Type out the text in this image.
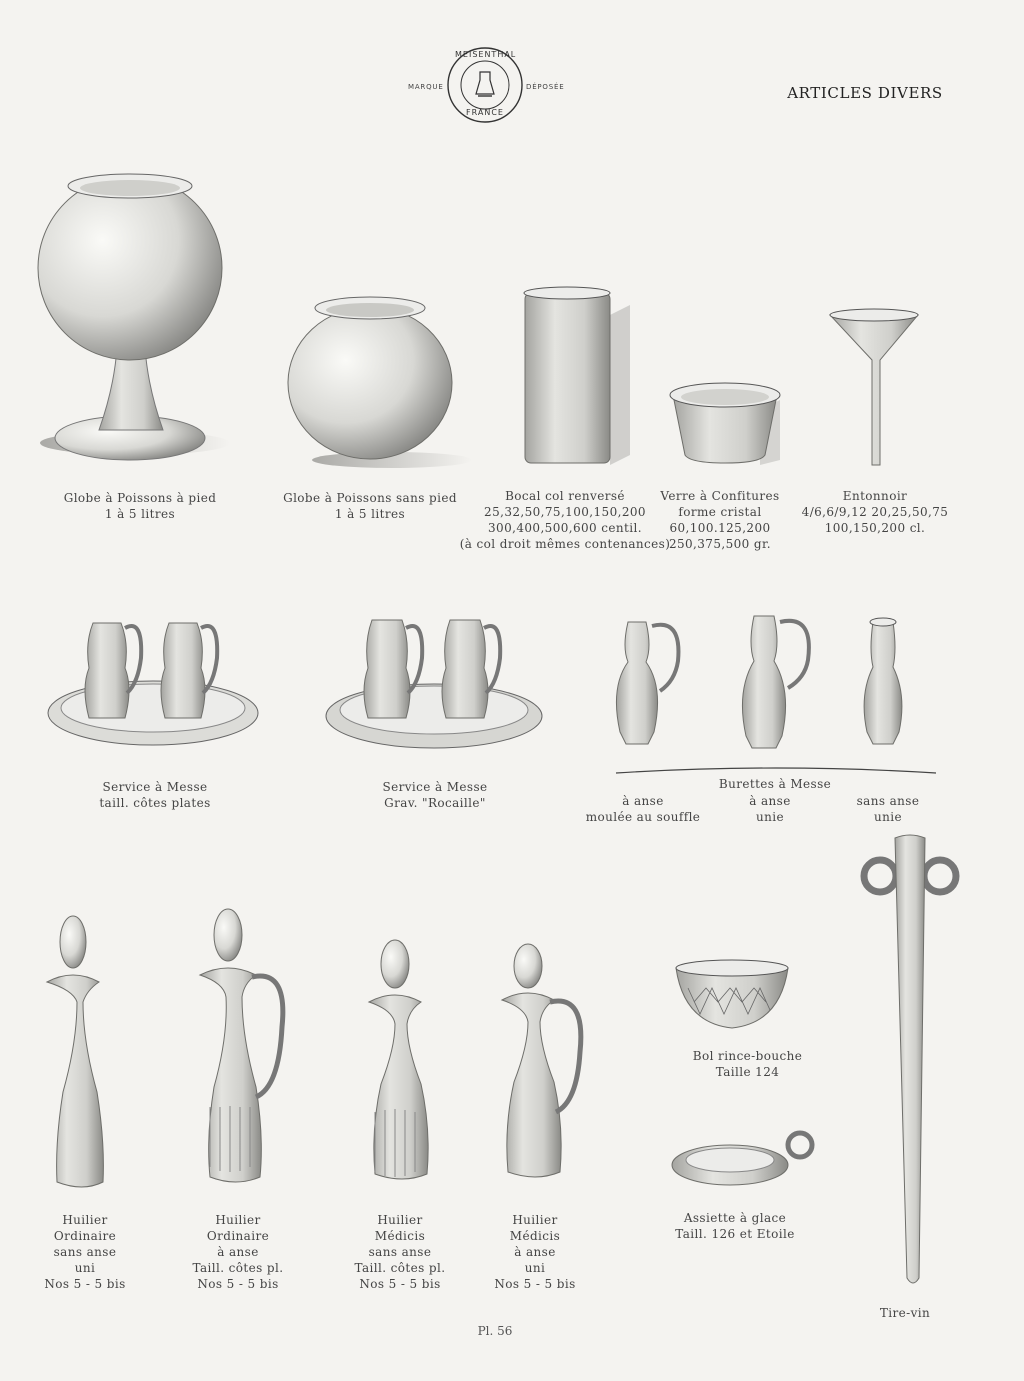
MEISENTHAL
FRANCE
MARQUE	DÉPOSÉE	ARTICLES DIVERS
Globe à Poissons à pied
1 à 5 litres
Globe à Poissons sans pied
1 à 5 litres
Bocal col renversé
25,32,50,75,100,150,200
300,400,500,600 centil.
(à col droit mêmes contenances)
Verre à Confitures
forme cristal
60,100.125,200
250,375,500 gr.
Entonnoir
4/6,6/9,12 20,25,50,75
100,150,200 cl.
Service à Messe
taill. côtes plates
Service à Messe
Grav. "Rocaille"
Burettes à Messe
à anse
moulée au souffle
à anse
unie
sans anse
unie
Huilier
Ordinaire
sans anse
uni
Nos 5 - 5 bis
Huilier
Ordinaire
à anse
Taill. côtes pl.
Nos 5 - 5 bis
Huilier
Médicis
sans anse
Taill. côtes pl.
Nos 5 - 5 bis
Huilier
Médicis
à anse
uni
Nos 5 - 5 bis
Bol rince-bouche
Taille 124
Assiette à glace
Taill. 126 et Etoile
Tire-vin
Pl. 56
